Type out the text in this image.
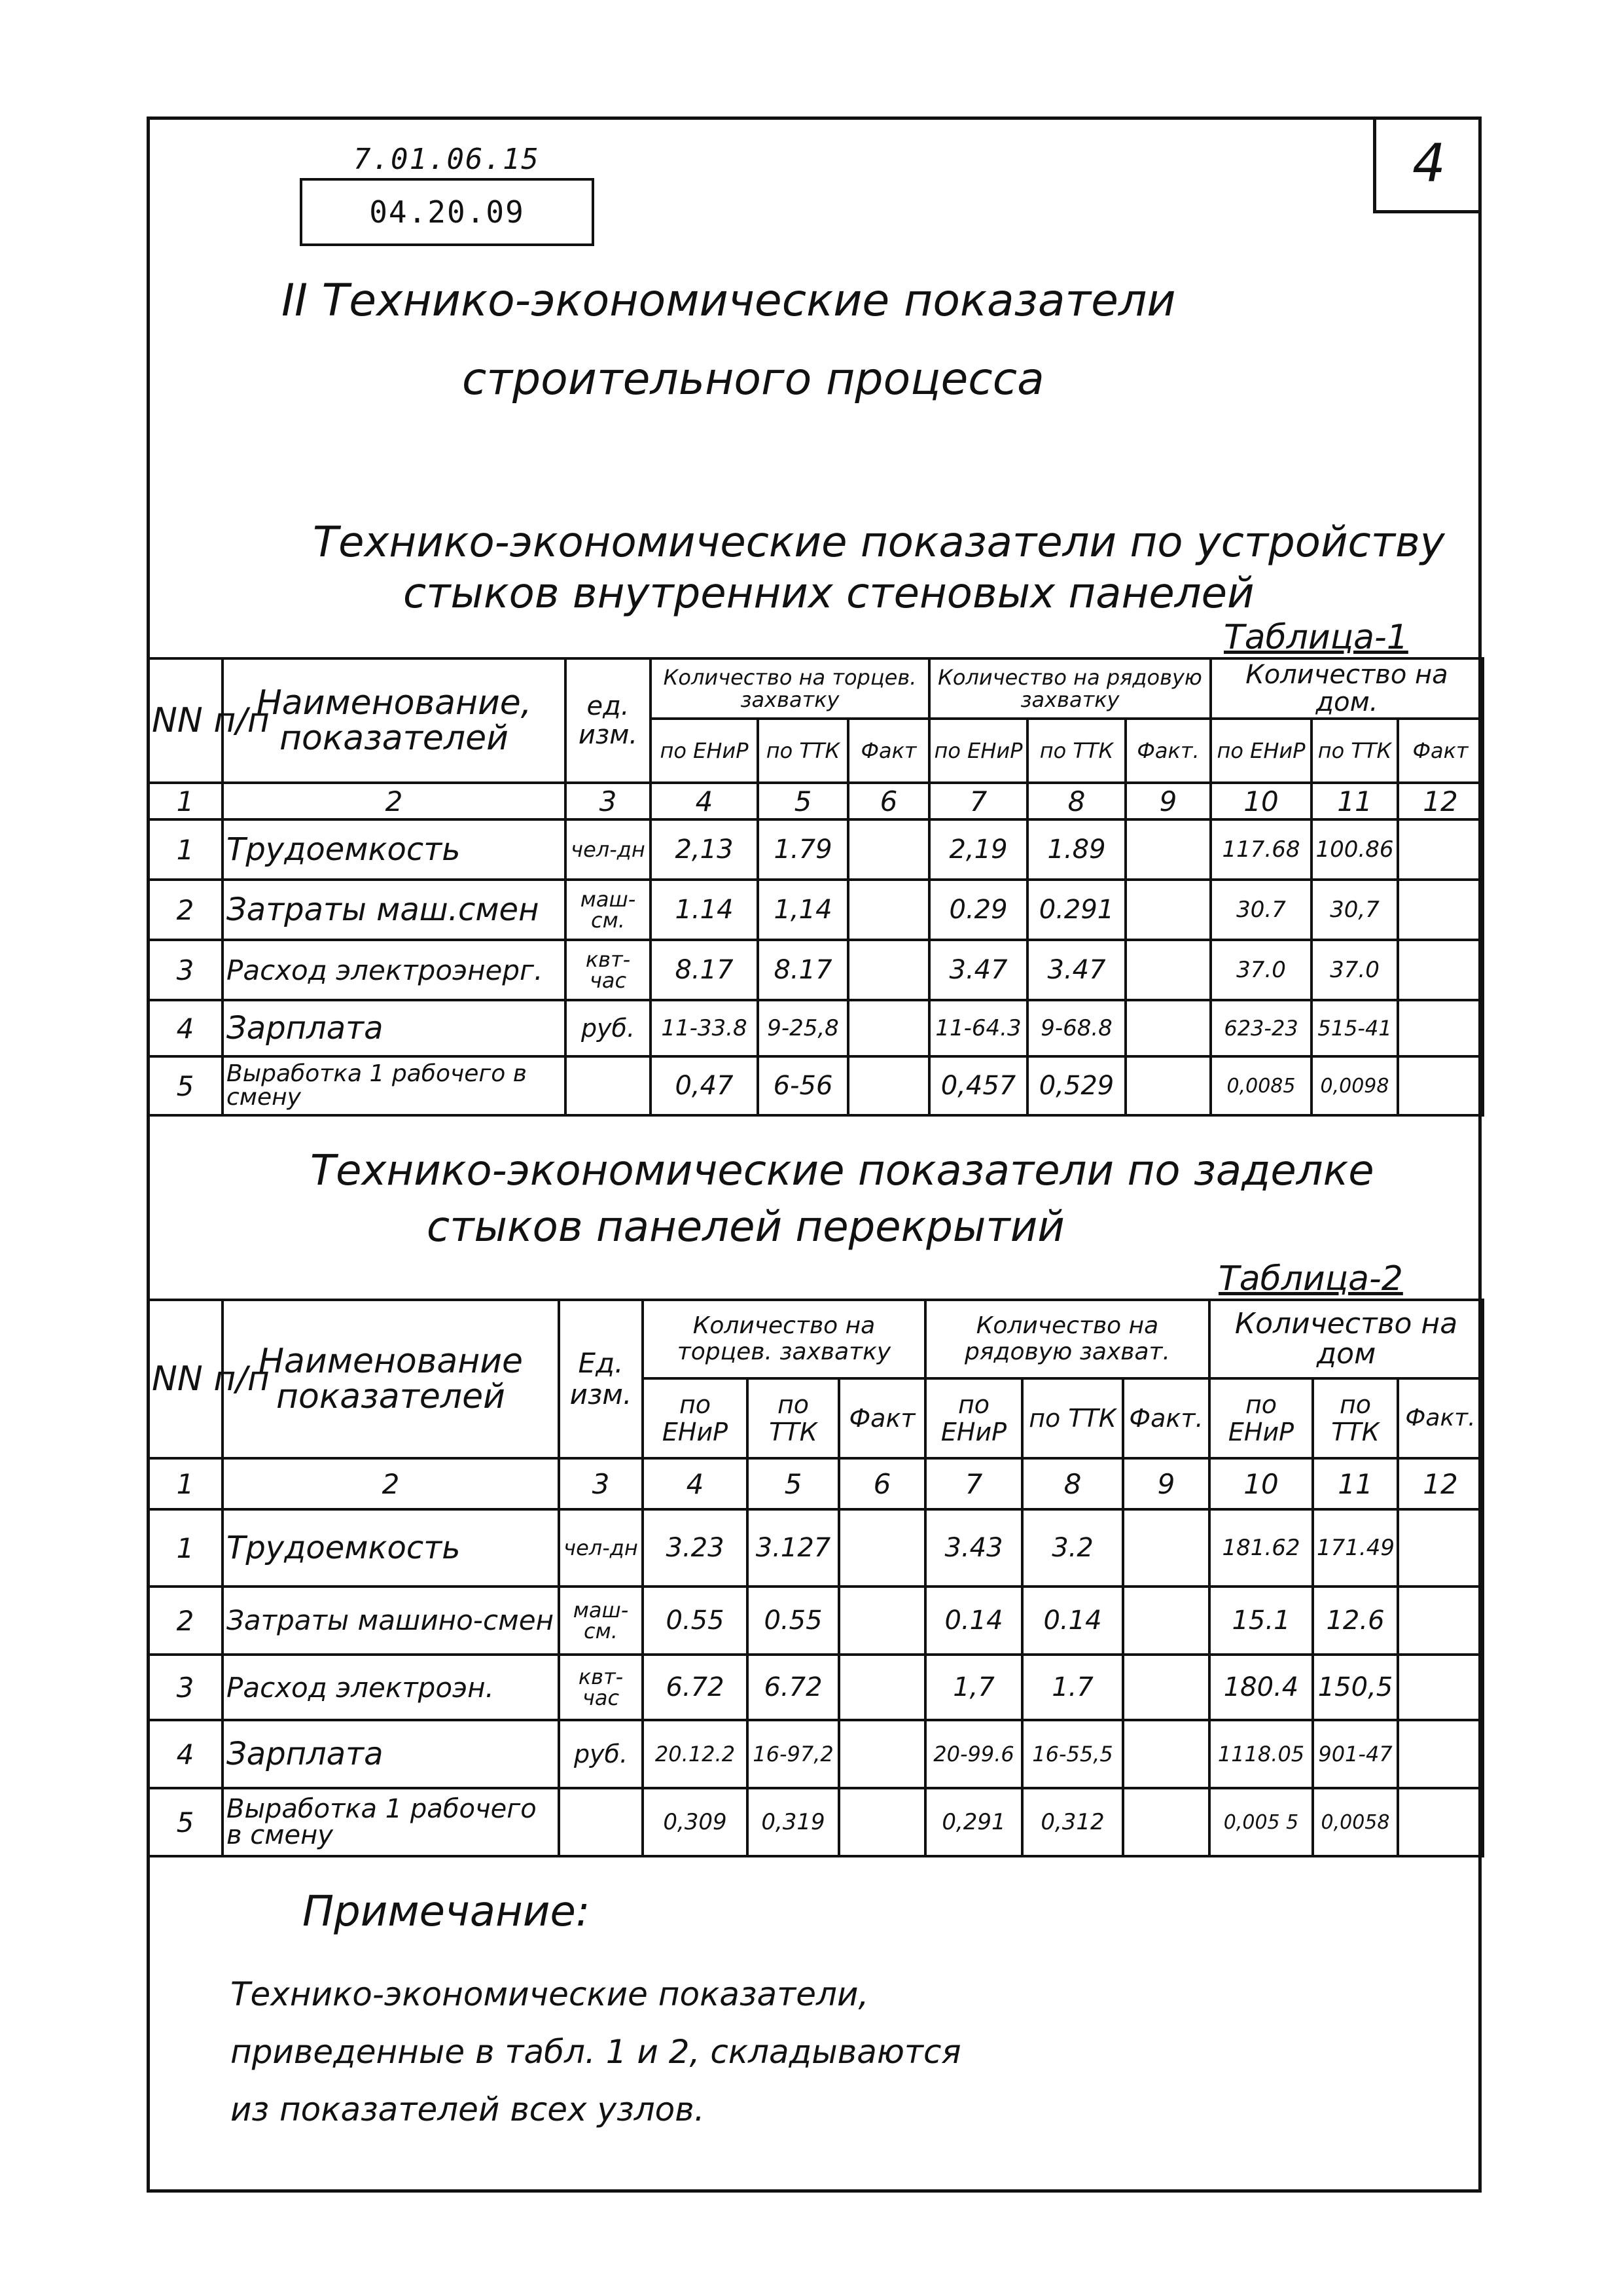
7.01.06.15
04.20.09
4
II Технико-экономические показатели
строительного процесса
Технико-экономические показатели по устройству
стыков внутренних стеновых панелей
Таблица-1
NN п/п	Наименование, показателей	ед. изм.	Количество на торцев. захватку			Количество на рядовую захватку			Количество на дом.		
			по ЕНиР	по ТТК	Факт	по ЕНиР	по ТТК	Факт.	по ЕНиР	по ТТК	Факт
1	2	3	4	5	6	7	8	9	10	11	12
1	Трудоемкость	чел-дн	2,13	1.79		2,19	1.89		117.68	100.86	
2	Затраты маш.смен	маш-см.	1.14	1,14		0.29	0.291		30.7	30,7	
3	Расход электроэнерг.	квт-час	8.17	8.17		3.47	3.47		37.0	37.0	
4	Зарплата	руб.	11-33.8	9-25,8		11-64.3	9-68.8		623-23	515-41	
5	Выработка 1 рабочего в смену		0,47	6-56		0,457	0,529		0,0085	0,0098	
Технико-экономические показатели по заделке
стыков панелей перекрытий
Таблица-2
NN п/п	Наименование показателей	Ед. изм.	Количество на торцев. захватку			Количество на рядовую захват.			Количество на дом		
			по ЕНиР	по ТТК	Факт	по ЕНиР	по ТТК	Факт.	по ЕНиР	по ТТК	Факт.
1	2	3	4	5	6	7	8	9	10	11	12
1	Трудоемкость	чел-дн	3.23	3.127		3.43	3.2		181.62	171.49	
2	Затраты машино-смен	маш-см.	0.55	0.55		0.14	0.14		15.1	12.6	
3	Расход электроэн.	квт-час	6.72	6.72		1,7	1.7		180.4	150,5	
4	Зарплата	руб.	20.12.2	16-97,2		20-99.6	16-55,5		1118.05	901-47	
5	Выработка 1 рабочего в смену		0,309	0,319		0,291	0,312		0,005 5	0,0058	
Примечание:
Технико-экономические показатели,
приведенные в табл. 1 и 2, складываются
из показателей всех узлов.
